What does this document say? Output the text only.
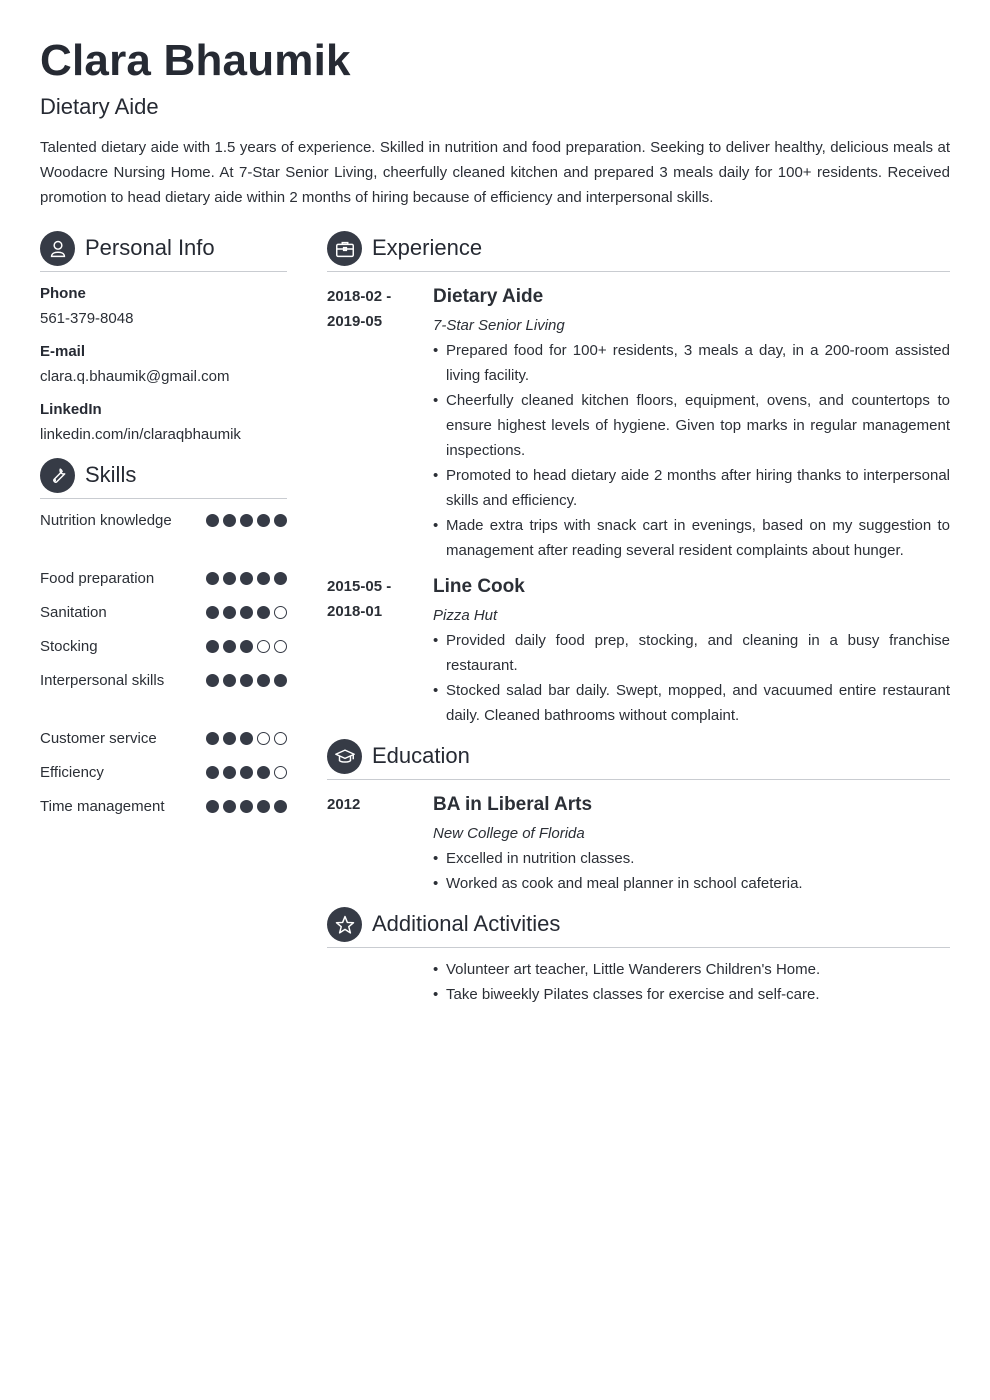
Clara Bhaumik
Dietary Aide

Talented dietary aide with 1.5 years of experience. Skilled in nutrition and food preparation. Seeking to deliver healthy, delicious meals at Woodacre Nursing Home. At 7-Star Senior Living, cheerfully cleaned kitchen and prepared 3 meals daily for 100+ residents. Received promotion to head dietary aide within 2 months of hiring because of efficiency and interpersonal skills.

Personal Info
Phone
561-379-8048
E-mail
clara.q.bhaumik@gmail.com
LinkedIn
linkedin.com/in/claraqbhaumik
Skills
Nutrition knowledge
Food preparation
Sanitation
Stocking
Interpersonal skills
Customer service
Efficiency
Time management
Experience
2018-02 - 2019-05
Dietary Aide
7-Star Senior Living
• Prepared food for 100+ residents, 3 meals a day, in a 200-room assisted living facility.
• Cheerfully cleaned kitchen floors, equipment, ovens, and countertops to ensure highest levels of hygiene. Given top marks in regular management inspections.
• Promoted to head dietary aide 2 months after hiring thanks to interpersonal skills and efficiency.
• Made extra trips with snack cart in evenings, based on my suggestion to management after reading several resident complaints about hunger.
2015-05 - 2018-01
Line Cook
Pizza Hut
• Provided daily food prep, stocking, and cleaning in a busy franchise restaurant.
• Stocked salad bar daily. Swept, mopped, and vacuumed entire restaurant daily. Cleaned bathrooms without complaint.
Education
2012	BA in Liberal Arts
New College of Florida
• Excelled in nutrition classes.
• Worked as cook and meal planner in school cafeteria.
Additional Activities
• Volunteer art teacher, Little Wanderers Children's Home.
• Take biweekly Pilates classes for exercise and self-care.
